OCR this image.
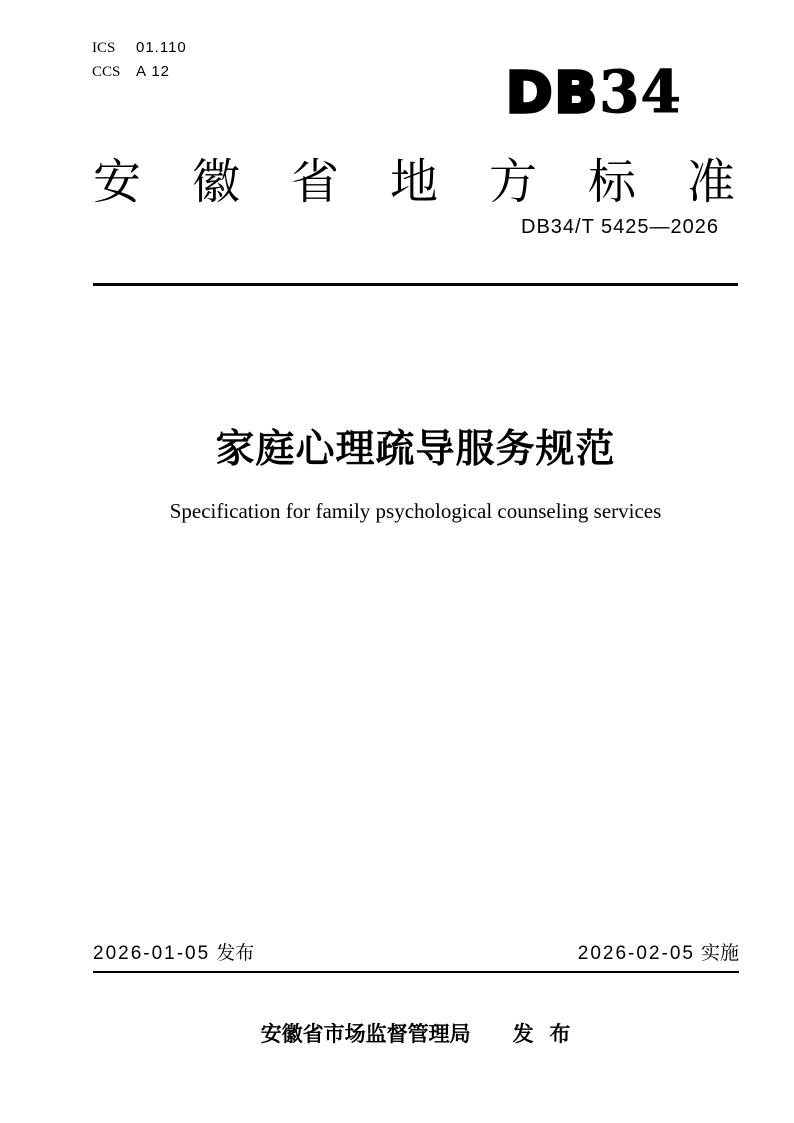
ICS 01.110
CCS A 12	DB34
安徽省地方标准
DB34/T 5425—2026
家庭心理疏导服务规范
Specification for family psychological counseling services
2026-01-05 发布	2026-02-05 实施
安徽省市场监督管理局 发 布
